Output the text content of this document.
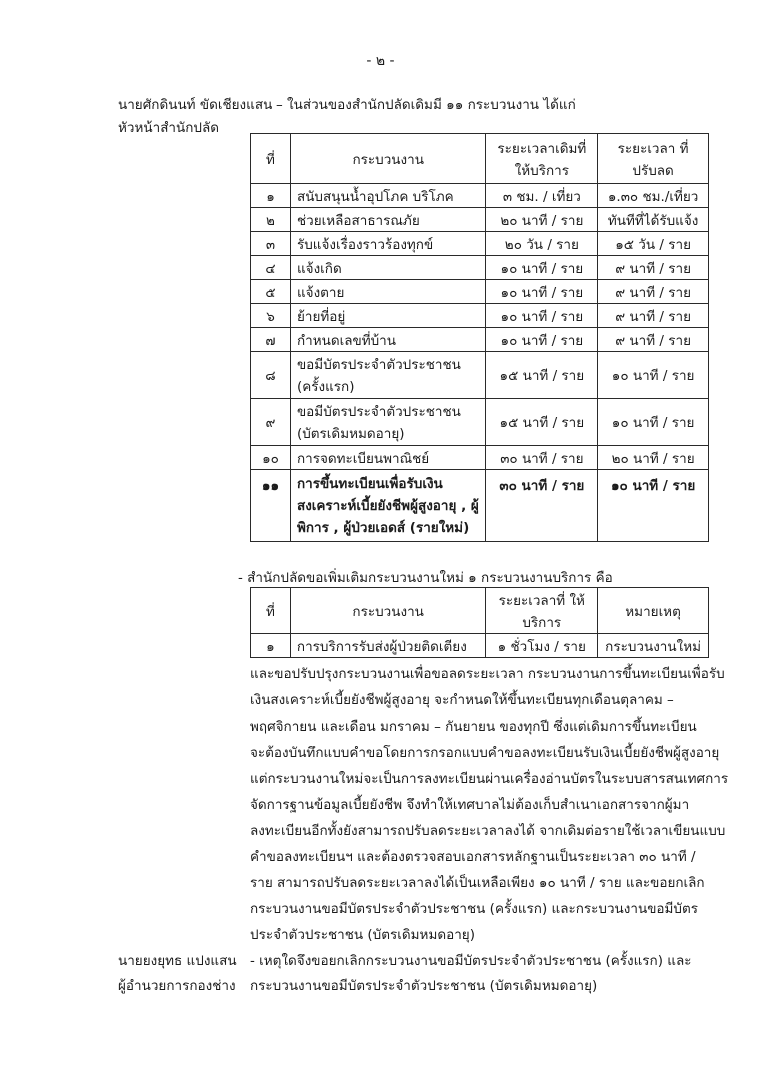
- ๒ -
นายศักดินนท์ ขัดเชียงแสน – ในส่วนของสำนักปลัดเดิมมี ๑๑ กระบวนงาน ได้แก่
หัวหน้าสำนักปลัด
ที่	กระบวนงาน	ระยะเวลาเดิมที่ ให้บริการ	ระยะเวลา ที่ ปรับลด
๑	สนับสนุนน้ำอุปโภค บริโภค	๓ ชม. / เที่ยว	๑.๓๐ ชม./เที่ยว
๒	ช่วยเหลือสาธารณภัย	๒๐ นาที / ราย	ทันทีที่ได้รับแจ้ง
๓	รับแจ้งเรื่องราวร้องทุกข์	๒๐ วัน / ราย	๑๕ วัน / ราย
๔	แจ้งเกิด	๑๐ นาที / ราย	๙ นาที / ราย
๕	แจ้งตาย	๑๐ นาที / ราย	๙ นาที / ราย
๖	ย้ายที่อยู่	๑๐ นาที / ราย	๙ นาที / ราย
๗	กำหนดเลขที่บ้าน	๑๐ นาที / ราย	๙ นาที / ราย
๘	ขอมีบัตรประจำตัวประชาชน (ครั้งแรก)	๑๕ นาที / ราย	๑๐ นาที / ราย
๙	ขอมีบัตรประจำตัวประชาชน (บัตรเดิมหมดอายุ)	๑๕ นาที / ราย	๑๐ นาที / ราย
๑๐	การจดทะเบียนพาณิชย์	๓๐ นาที / ราย	๒๐ นาที / ราย
๑๑	การขึ้นทะเบียนเพื่อรับเงินสงเคราะห์เบี้ยยังชีพผู้สูงอายุ , ผู้พิการ , ผู้ป่วยเอดส์ (รายใหม่)	๓๐ นาที / ราย	๑๐ นาที / ราย
- สำนักปลัดขอเพิ่มเติมกระบวนงานใหม่ ๑ กระบวนงานบริการ คือ
ที่	กระบวนงาน	ระยะเวลาที่ ให้บริการ	หมายเหตุ
๑	การบริการรับส่งผู้ป่วยติดเตียง	๑ ชั่วโมง / ราย	กระบวนงานใหม่
และขอปรับปรุงกระบวนงานเพื่อขอลดระยะเวลา กระบวนงานการขึ้นทะเบียนเพื่อรับ
เงินสงเคราะห์เบี้ยยังชีพผู้สูงอายุ จะกำหนดให้ขึ้นทะเบียนทุกเดือนตุลาคม –
พฤศจิกายน และเดือน มกราคม – กันยายน ของทุกปี ซึ่งแต่เดิมการขึ้นทะเบียน
จะต้องบันทึกแบบคำขอโดยการกรอกแบบคำขอลงทะเบียนรับเงินเบี้ยยังชีพผู้สูงอายุ
แต่กระบวนงานใหม่จะเป็นการลงทะเบียนผ่านเครื่องอ่านบัตรในระบบสารสนเทศการ
จัดการฐานข้อมูลเบี้ยยังชีพ จึงทำให้เทศบาลไม่ต้องเก็บสำเนาเอกสารจากผู้มา
ลงทะเบียนอีกทั้งยังสามารถปรับลดระยะเวลาลงได้ จากเดิมต่อรายใช้เวลาเขียนแบบ
คำขอลงทะเบียนฯ และต้องตรวจสอบเอกสารหลักฐานเป็นระยะเวลา ๓๐ นาที /
ราย สามารถปรับลดระยะเวลาลงได้เป็นเหลือเพียง ๑๐ นาที / ราย และขอยกเลิก
กระบวนงานขอมีบัตรประจำตัวประชาชน (ครั้งแรก) และกระบวนงานขอมีบัตร
ประจำตัวประชาชน (บัตรเดิมหมดอายุ)
นายยงยุทธ แปงแสน
ผู้อำนวยการกองช่าง
- เหตุใดจึงขอยกเลิกกระบวนงานขอมีบัตรประจำตัวประชาชน (ครั้งแรก) และ
กระบวนงานขอมีบัตรประจำตัวประชาชน (บัตรเดิมหมดอายุ)
